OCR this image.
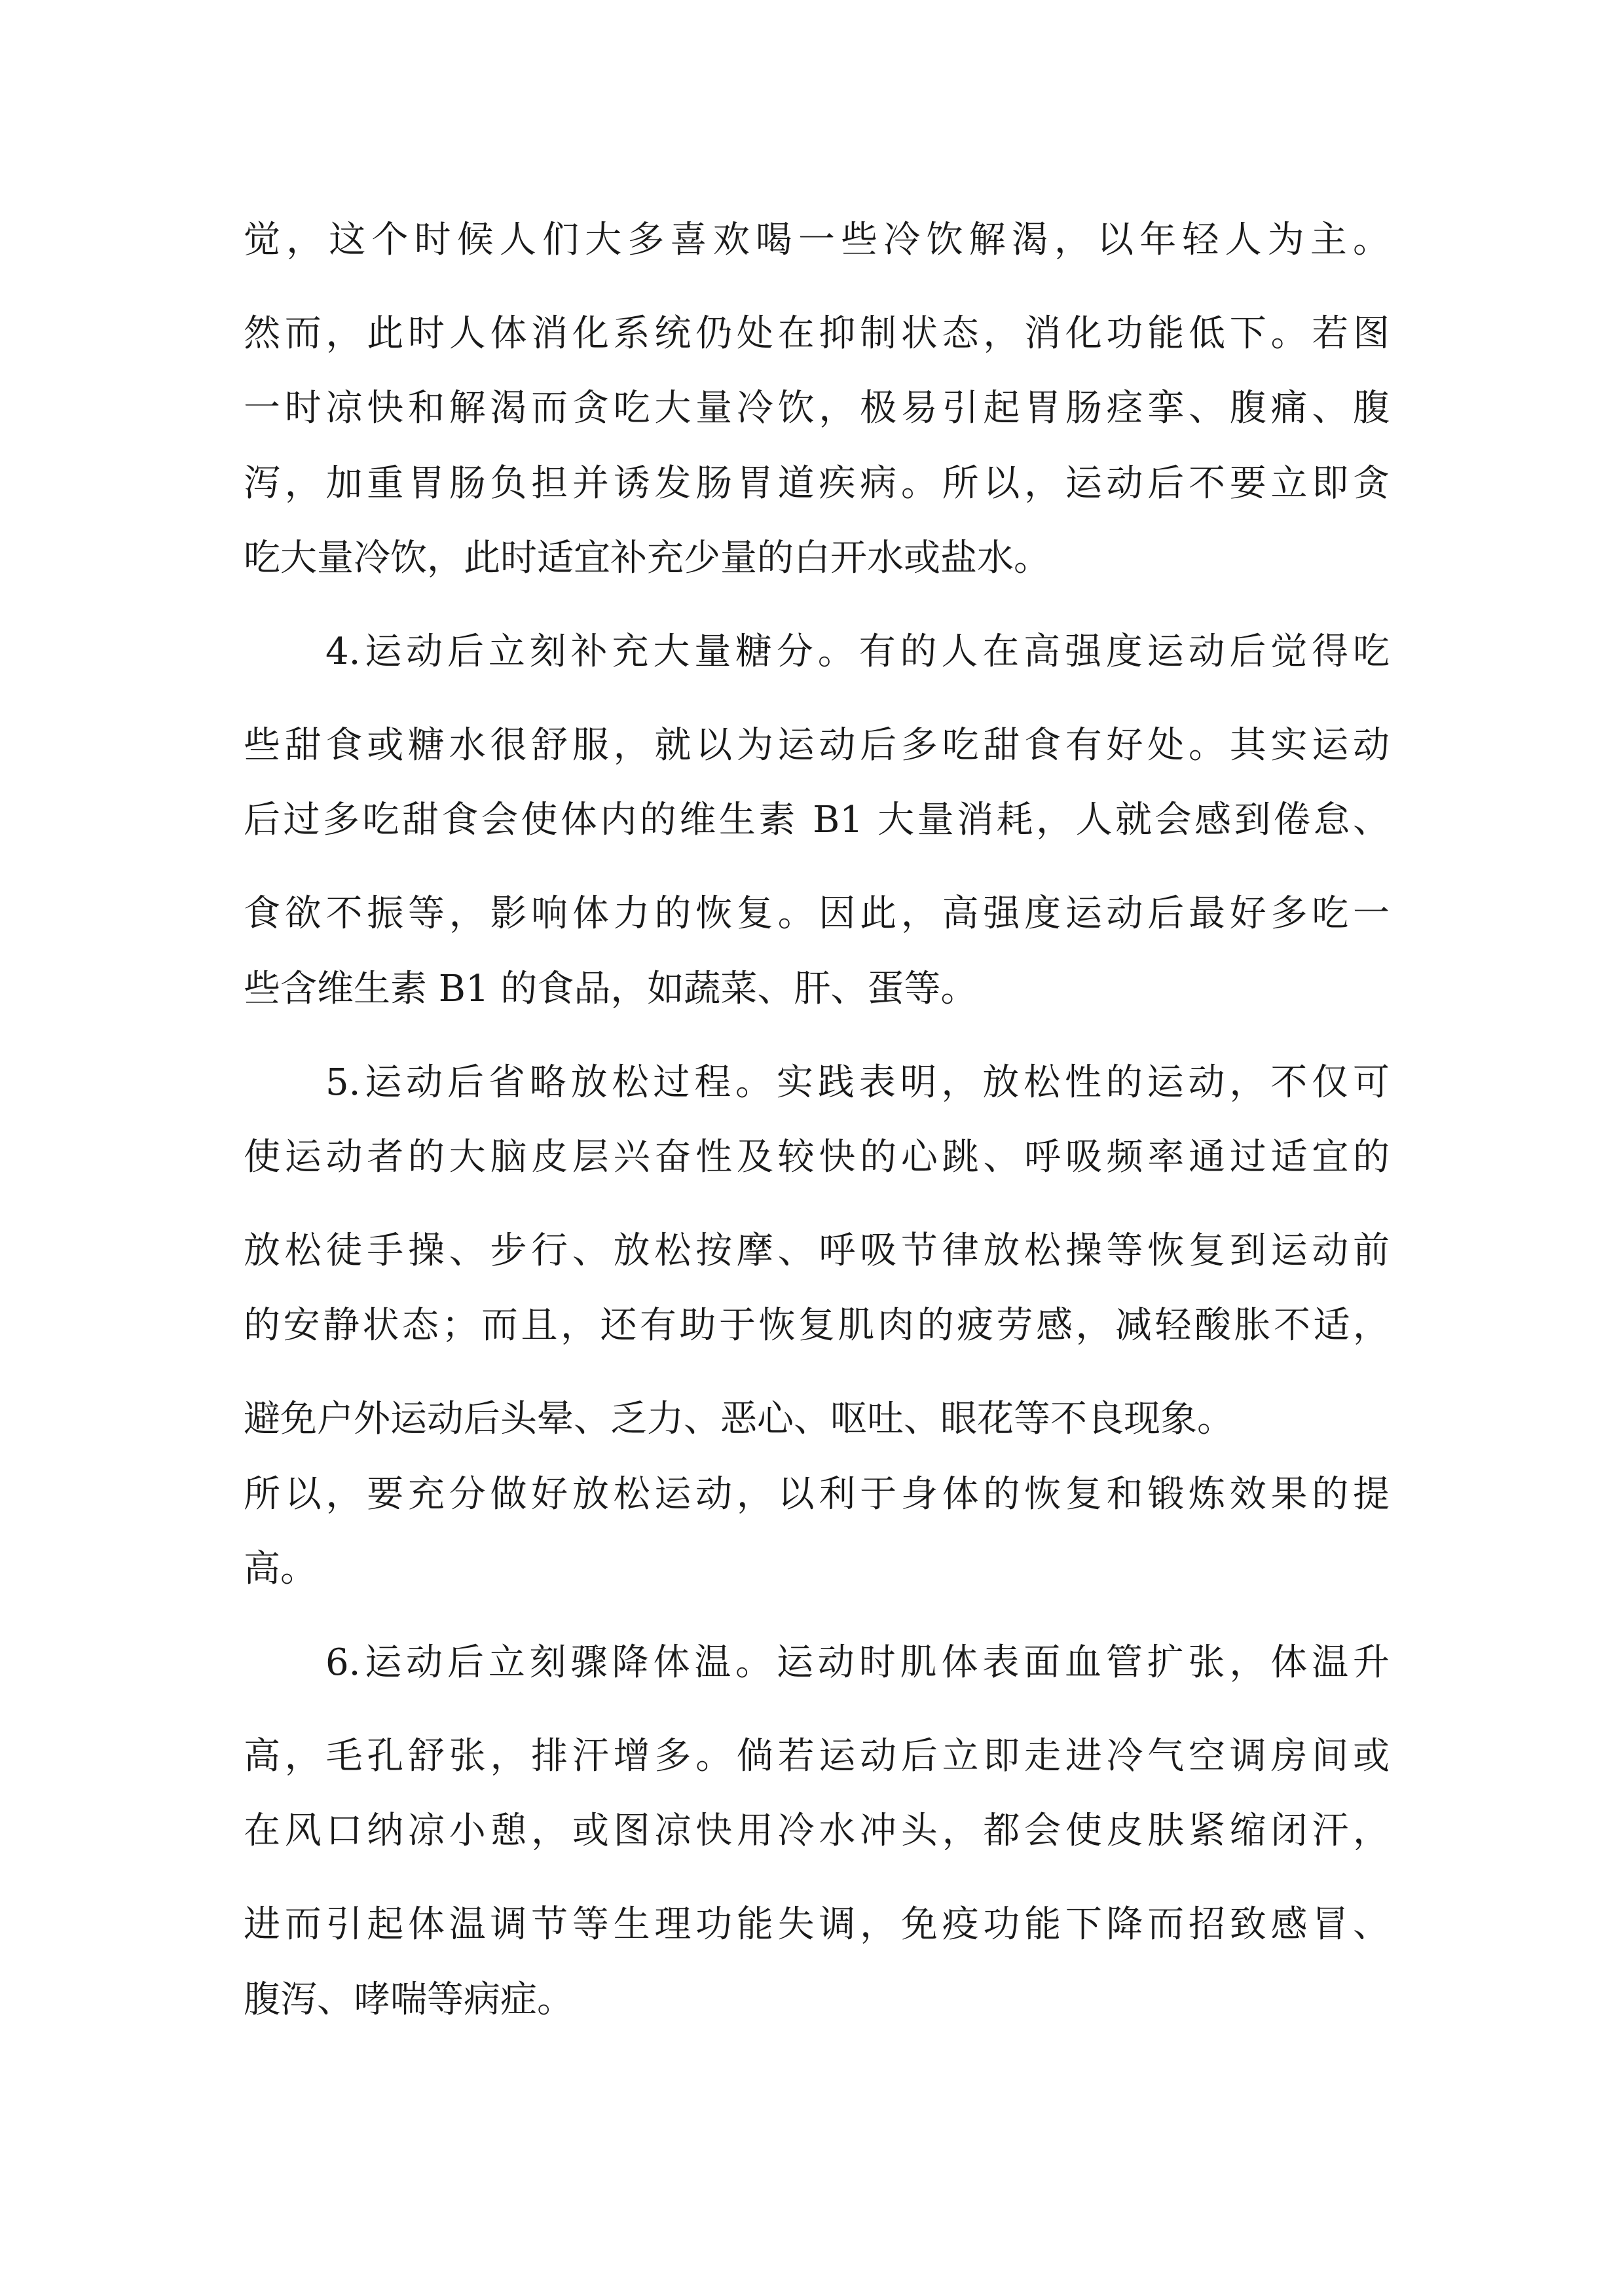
觉，这个时候人们大多喜欢喝一些冷饮解渴，以年轻人为主。

然而，此时人体消化系统仍处在抑制状态，消化功能低下。若图

一时凉快和解渴而贪吃大量冷饮，极易引起胃肠痉挛、腹痛、腹

泻，加重胃肠负担并诱发肠胃道疾病。所以，运动后不要立即贪

吃大量冷饮，此时适宜补充少量的白开水或盐水。

4.运动后立刻补充大量糖分。有的人在高强度运动后觉得吃

些甜食或糖水很舒服，就以为运动后多吃甜食有好处。其实运动

后过多吃甜食会使体内的维生素 B1 大量消耗，人就会感到倦怠、

食欲不振等，影响体力的恢复。因此，高强度运动后最好多吃一

些含维生素 B1 的食品，如蔬菜、肝、蛋等。

5.运动后省略放松过程。实践表明，放松性的运动，不仅可

使运动者的大脑皮层兴奋性及较快的心跳、呼吸频率通过适宜的

放松徒手操、步行、放松按摩、呼吸节律放松操等恢复到运动前

的安静状态；而且，还有助于恢复肌肉的疲劳感，减轻酸胀不适，

避免户外运动后头晕、乏力、恶心、呕吐、眼花等不良现象。

所以，要充分做好放松运动，以利于身体的恢复和锻炼效果的提

高。

6.运动后立刻骤降体温。运动时肌体表面血管扩张，体温升

高，毛孔舒张，排汗增多。倘若运动后立即走进冷气空调房间或

在风口纳凉小憩，或图凉快用冷水冲头，都会使皮肤紧缩闭汗，

进而引起体温调节等生理功能失调，免疫功能下降而招致感冒、

腹泻、哮喘等病症。
